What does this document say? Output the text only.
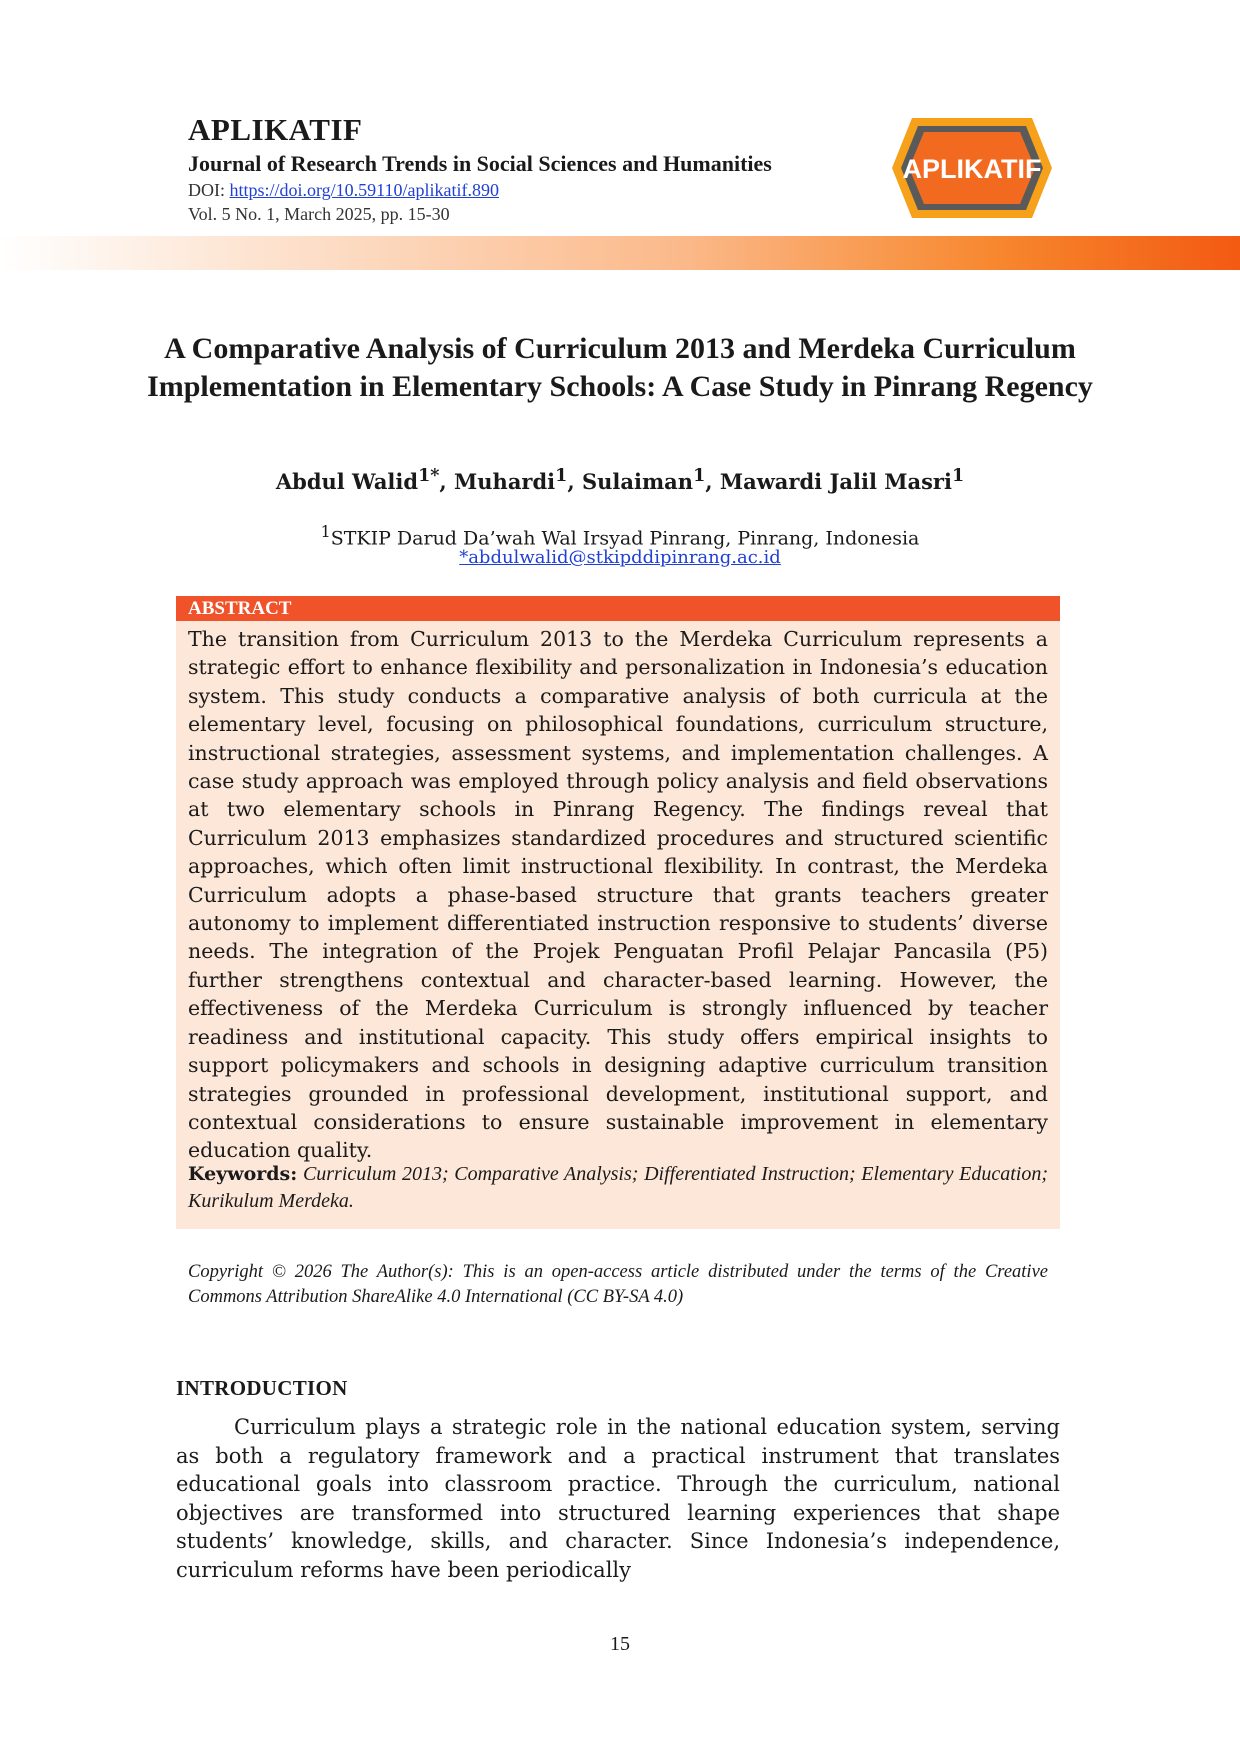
APLIKATIF
Journal of Research Trends in Social Sciences and Humanities
DOI: https://doi.org/10.59110/aplikatif.890
Vol. 5 No. 1, March 2025, pp. 15-30
APLIKATIF
A Comparative Analysis of Curriculum 2013 and Merdeka Curriculum Implementation in Elementary Schools: A Case Study in Pinrang Regency
Abdul Walid$^{1*}$, Muhardi$^1$, Sulaiman$^1$, Mawardi Jalil Masri$^1$
$^1$STKIP Darud Da’wah Wal Irsyad Pinrang, Pinrang, Indonesia
*abdulwalid@stkipddipinrang.ac.id
ABSTRACT
The transition from Curriculum 2013 to the Merdeka Curriculum represents a strategic effort to enhance flexibility and personalization in Indonesia’s education system. This study conducts a comparative analysis of both curricula at the elementary level, focusing on philosophical foundations, curriculum structure, instructional strategies, assessment systems, and implementation challenges. A case study approach was employed through policy analysis and field observations at two elementary schools in Pinrang Regency. The findings reveal that Curriculum 2013 emphasizes standardized procedures and structured scientific approaches, which often limit instructional flexibility. In contrast, the Merdeka Curriculum adopts a phase-based structure that grants teachers greater autonomy to implement differentiated instruction responsive to students’ diverse needs. The integration of the Projek Penguatan Profil Pelajar Pancasila (P5) further strengthens contextual and character-based learning. However, the effectiveness of the Merdeka Curriculum is strongly influenced by teacher readiness and institutional capacity. This study offers empirical insights to support policymakers and schools in designing adaptive curriculum transition strategies grounded in professional development, institutional support, and contextual considerations to ensure sustainable improvement in elementary education quality.
Keywords: Curriculum 2013; Comparative Analysis; Differentiated Instruction; Elementary Education; Kurikulum Merdeka.
Copyright © 2026 The Author(s): This is an open-access article distributed under the terms of the Creative Commons Attribution ShareAlike 4.0 International (CC BY-SA 4.0)
INTRODUCTION
Curriculum plays a strategic role in the national education system, serving as both a regulatory framework and a practical instrument that translates educational goals into classroom practice. Through the curriculum, national objectives are transformed into structured learning experiences that shape students’ knowledge, skills, and character. Since Indonesia’s independence, curriculum reforms have been periodically
15
